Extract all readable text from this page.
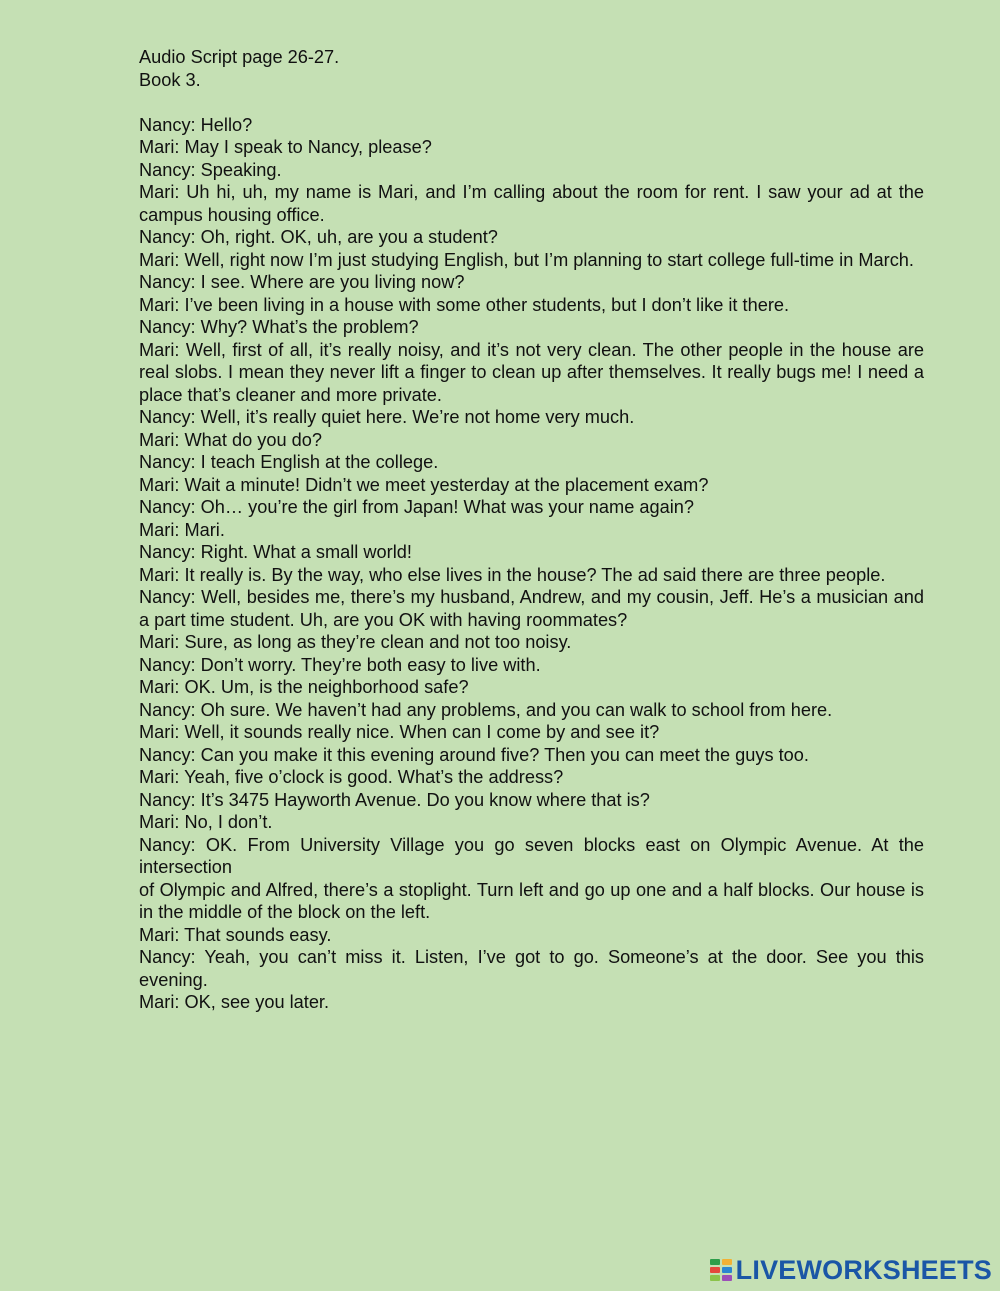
Audio Script page 26-27.
Book 3.
Nancy: Hello?
Mari: May I speak to Nancy, please?
Nancy: Speaking.
Mari: Uh hi, uh, my name is Mari, and I’m calling about the room for rent. I saw your ad at the campus housing office.
Nancy: Oh, right. OK, uh, are you a student?
Mari: Well, right now I’m just studying English, but I’m planning to start college full-time in March.
Nancy: I see. Where are you living now?
Mari: I’ve been living in a house with some other students, but I don’t like it there.
Nancy: Why? What’s the problem?
Mari: Well, first of all, it’s really noisy, and it’s not very clean. The other people in the house are real slobs. I mean they never lift a finger to clean up after themselves. It really bugs me! I need a place that’s cleaner and more private.
Nancy: Well, it’s really quiet here. We’re not home very much.
Mari: What do you do?
Nancy: I teach English at the college.
Mari: Wait a minute! Didn’t we meet yesterday at the placement exam?
Nancy: Oh… you’re the girl from Japan! What was your name again?
Mari: Mari.
Nancy: Right. What a small world!
Mari: It really is. By the way, who else lives in the house? The ad said there are three people.
Nancy: Well, besides me, there’s my husband, Andrew, and my cousin, Jeff. He’s a musician and a part time student. Uh, are you OK with having roommates?
Mari: Sure, as long as they’re clean and not too noisy.
Nancy: Don’t worry. They’re both easy to live with.
Mari: OK. Um, is the neighborhood safe?
Nancy: Oh sure. We haven’t had any problems, and you can walk to school from here.
Mari: Well, it sounds really nice. When can I come by and see it?
Nancy: Can you make it this evening around five? Then you can meet the guys too.
Mari: Yeah, five o’clock is good. What’s the address?
Nancy: It’s 3475 Hayworth Avenue. Do you know where that is?
Mari: No, I don’t.
Nancy: OK. From University Village you go seven blocks east on Olympic Avenue. At the intersection
of Olympic and Alfred, there’s a stoplight. Turn left and go up one and a half blocks. Our house is in the middle of the block on the left.
Mari: That sounds easy.
Nancy: Yeah, you can’t miss it. Listen, I’ve got to go. Someone’s at the door. See you this evening.
Mari: OK, see you later.
LIVEWORKSHEETS
